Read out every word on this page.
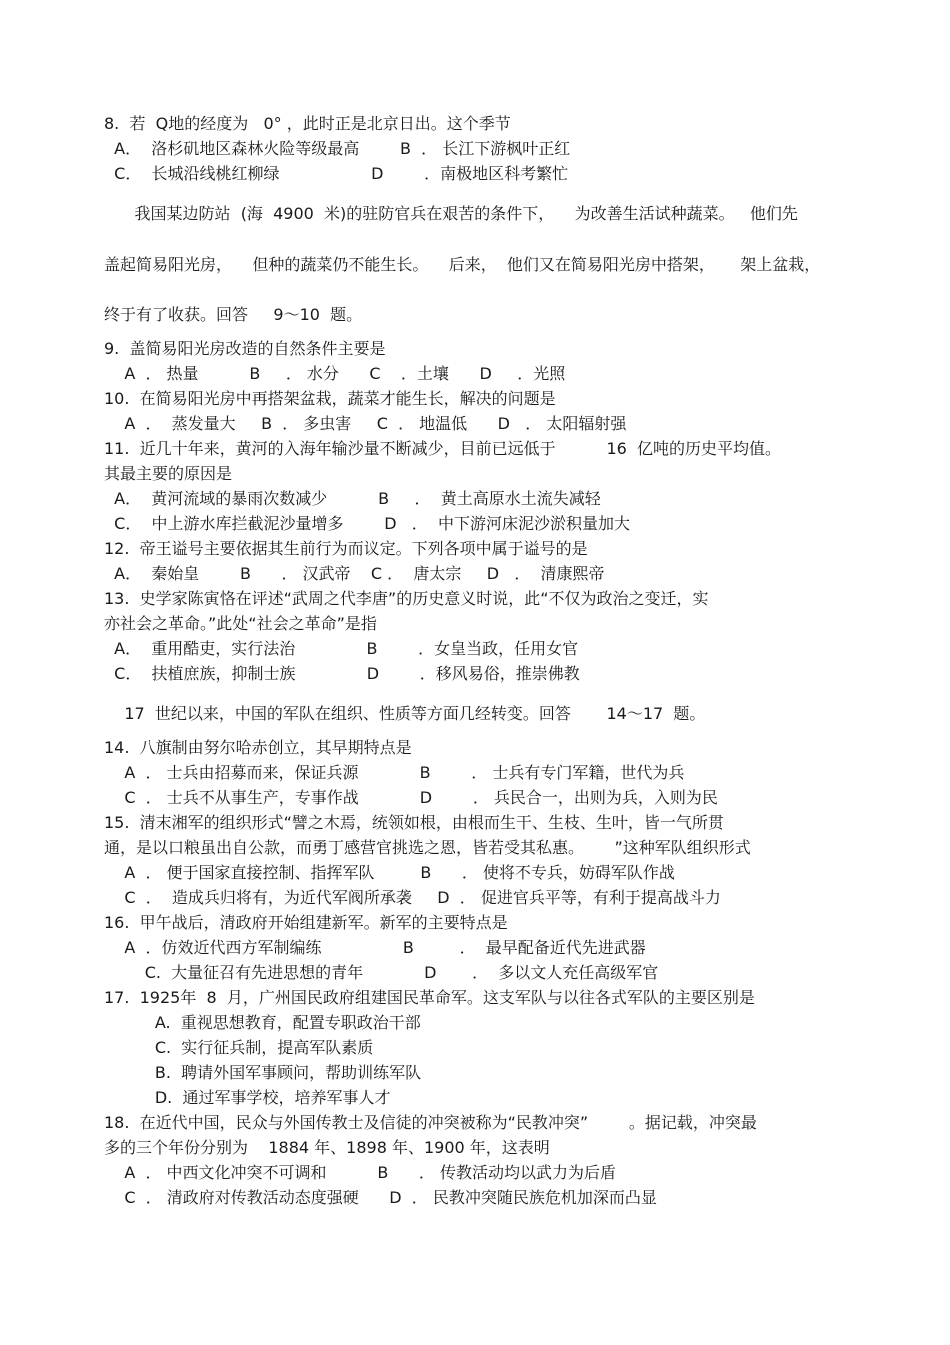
8.  若  Q地的经度为   0° ，此时正是北京日出。这个季节
A．  洛杉矶地区森林火险等级最高        B  ． 长江下游枫叶正红
C．  长城沿线桃红柳绿                  D        ．南极地区科考繁忙
我国某边防站  (海  4900  米)的驻防官兵在艰苦的条件下，    为改善生活试种蔬菜。   他们先
盖起简易阳光房，    但种的蔬菜仍不能生长。    后来，  他们又在简易阳光房中搭架，     架上盆栽，
终于有了收获。回答     9～10  题。
9.  盖简易阳光房改造的自然条件主要是
A  ． 热量          B     ． 水分      C    ．土壤      D     ．光照
10.  在简易阳光房中再搭架盆栽，蔬菜才能生长，解决的问题是
A  ．  蒸发量大     B  ． 多虫害     C  ． 地温低      D   ． 太阳辐射强
11.  近几十年来，黄河的入海年输沙量不断减少，目前已远低于          16  亿吨的历史平均值。
其最主要的原因是
A．  黄河流域的暴雨次数减少          B     ．  黄土高原水土流失减轻
C．  中上游水库拦截泥沙量增多        D   ．  中下游河床泥沙淤积量加大
12.  帝王谥号主要依据其生前行为而议定。下列各项中属于谥号的是
A．  秦始皇        B      ． 汉武帝    C ．  唐太宗     D   ．  清康熙帝
13.  史学家陈寅恪在评述“武周之代李唐”的历史意义时说，此“不仅为政治之变迁，实
亦社会之革命。”此处“社会之革命”是指
A．  重用酷吏，实行法治              B        ．女皇当政，任用女官
C．  扶植庶族，抑制士族              D        ．移风易俗，推崇佛教
17  世纪以来，中国的军队在组织、性质等方面几经转变。回答       14～17  题。
14.  八旗制由努尔哈赤创立，其早期特点是
A  ． 士兵由招募而来，保证兵源            B        ． 士兵有专门军籍，世代为兵
C  ． 士兵不从事生产，专事作战            D        ． 兵民合一，出则为兵，入则为民
15.  清末湘军的组织形式“譬之木焉，统领如根，由根而生干、生枝、生叶，皆一气所贯
通，是以口粮虽出自公款，而勇丁感营官挑选之恩，皆若受其私惠。      ”这种军队组织形式
A  ． 便于国家直接控制、指挥军队         B      ． 使将不专兵，妨碍军队作战
C  ．  造成兵归将有，为近代军阀所承袭     D  ． 促进官兵平等，有利于提高战斗力
16.  甲午战后，清政府开始组建新军。新军的主要特点是
A  ．仿效近代西方军制编练                B         ．  最早配备近代先进武器
C.  大量征召有先进思想的青年            D       ．  多以文人充任高级军官
17.  1925年  8  月，广州国民政府组建国民革命军。这支军队与以往各式军队的主要区别是
A.  重视思想教育，配置专职政治干部
C.  实行征兵制，提高军队素质
B.  聘请外国军事顾问，帮助训练军队
D.  通过军事学校，培养军事人才
18.  在近代中国，民众与外国传教士及信徒的冲突被称为“民教冲突”        。据记载，冲突最
多的三个年份分别为    1884 年、1898 年、1900 年，这表明
A  ． 中西文化冲突不可调和          B      ． 传教活动均以武力为后盾
C  ． 清政府对传教活动态度强硬      D  ． 民教冲突随民族危机加深而凸显
